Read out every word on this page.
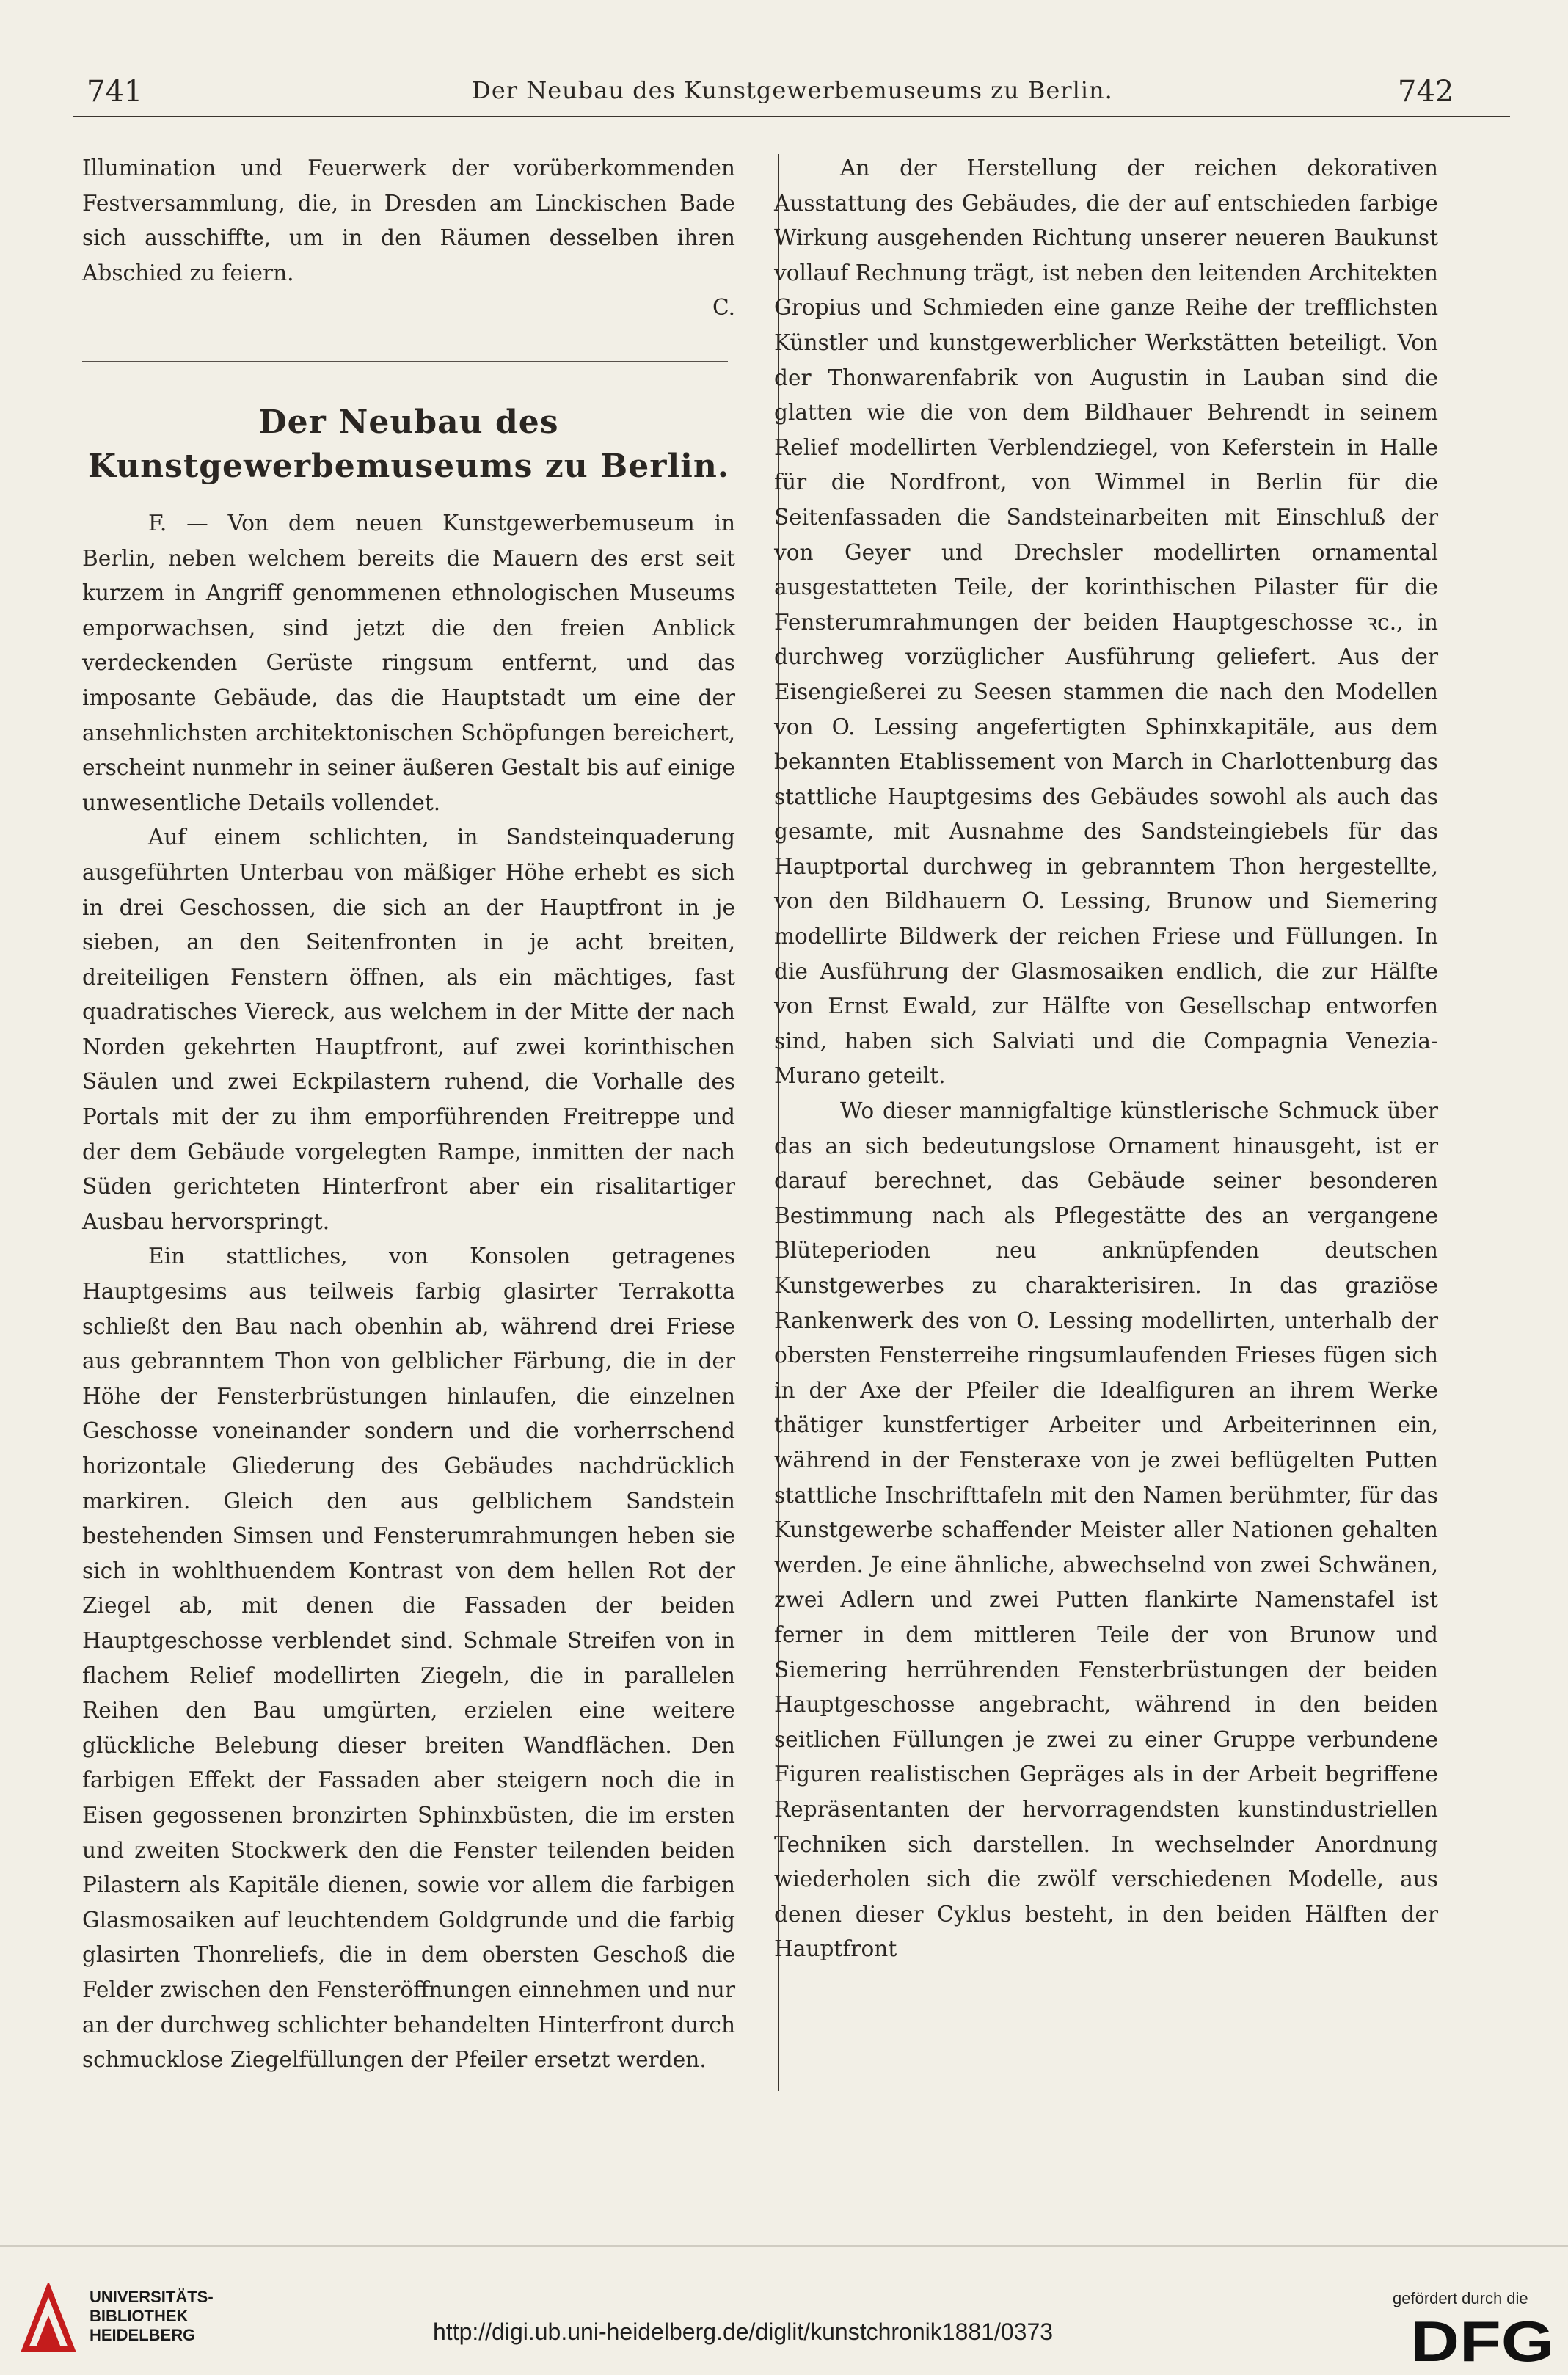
741	Der Neubau des Kunstgewerbemuseums zu Berlin.	742

Illumination und Feuerwerk der vorüberkommenden Festversammlung, die, in Dresden am Linckischen Bade sich ausschiffte, um in den Räumen desselben ihren Abschied zu feiern.

C.

Der Neubau des Kunstgewerbemuseums zu Berlin.

F. — Von dem neuen Kunstgewerbemuseum in Berlin, neben welchem bereits die Mauern des erst seit kurzem in Angriff genommenen ethnologischen Museums emporwachsen, sind jetzt die den freien Anblick verdeckenden Gerüste ringsum entfernt, und das imposante Gebäude, das die Hauptstadt um eine der ansehnlichsten architektonischen Schöpfungen bereichert, erscheint nunmehr in seiner äußeren Gestalt bis auf einige unwesentliche Details vollendet.

Auf einem schlichten, in Sandsteinquaderung ausgeführten Unterbau von mäßiger Höhe erhebt es sich in drei Geschossen, die sich an der Hauptfront in je sieben, an den Seitenfronten in je acht breiten, dreiteiligen Fenstern öffnen, als ein mächtiges, fast quadratisches Viereck, aus welchem in der Mitte der nach Norden gekehrten Hauptfront, auf zwei korinthischen Säulen und zwei Eckpilastern ruhend, die Vorhalle des Portals mit der zu ihm emporführenden Freitreppe und der dem Gebäude vorgelegten Rampe, inmitten der nach Süden gerichteten Hinterfront aber ein risalitartiger Ausbau hervorspringt.

Ein stattliches, von Konsolen getragenes Hauptgesims aus teilweis farbig glasirter Terrakotta schließt den Bau nach obenhin ab, während drei Friese aus gebranntem Thon von gelblicher Färbung, die in der Höhe der Fensterbrüstungen hinlaufen, die einzelnen Geschosse voneinander sondern und die vorherrschend horizontale Gliederung des Gebäudes nachdrücklich markiren. Gleich den aus gelblichem Sandstein bestehenden Simsen und Fensterumrahmungen heben sie sich in wohlthuendem Kontrast von dem hellen Rot der Ziegel ab, mit denen die Fassaden der beiden Hauptgeschosse verblendet sind. Schmale Streifen von in flachem Relief modellirten Ziegeln, die in parallelen Reihen den Bau umgürten, erzielen eine weitere glückliche Belebung dieser breiten Wandflächen. Den farbigen Effekt der Fassaden aber steigern noch die in Eisen gegossenen bronzirten Sphinxbüsten, die im ersten und zweiten Stockwerk den die Fenster teilenden beiden Pilastern als Kapitäle dienen, sowie vor allem die farbigen Glasmosaiken auf leuchtendem Goldgrunde und die farbig glasirten Thonreliefs, die in dem obersten Geschoß die Felder zwischen den Fensteröffnungen einnehmen und nur an der durchweg schlichter behandelten Hinterfront durch schmucklose Ziegelfüllungen der Pfeiler ersetzt werden.

An der Herstellung der reichen dekorativen Ausstattung des Gebäudes, die der auf entschieden farbige Wirkung ausgehenden Richtung unserer neueren Baukunst vollauf Rechnung trägt, ist neben den leitenden Architekten Gropius und Schmieden eine ganze Reihe der trefflichsten Künstler und kunstgewerblicher Werkstätten beteiligt. Von der Thonwarenfabrik von Augustin in Lauban sind die glatten wie die von dem Bildhauer Behrendt in seinem Relief modellirten Verblendziegel, von Keferstein in Halle für die Nordfront, von Wimmel in Berlin für die Seitenfassaden die Sandsteinarbeiten mit Einschluß der von Geyer und Drechsler modellirten ornamental ausgestatteten Teile, der korinthischen Pilaster für die Fensterumrahmungen der beiden Hauptgeschosse ꝛc., in durchweg vorzüglicher Ausführung geliefert. Aus der Eisengießerei zu Seesen stammen die nach den Modellen von O. Lessing angefertigten Sphinxkapitäle, aus dem bekannten Etablissement von March in Charlottenburg das stattliche Hauptgesims des Gebäudes sowohl als auch das gesamte, mit Ausnahme des Sandsteingiebels für das Hauptportal durchweg in gebranntem Thon hergestellte, von den Bildhauern O. Lessing, Brunow und Siemering modellirte Bildwerk der reichen Friese und Füllungen. In die Ausführung der Glasmosaiken endlich, die zur Hälfte von Ernst Ewald, zur Hälfte von Gesellschap entworfen sind, haben sich Salviati und die Compagnia Venezia-Murano geteilt.

Wo dieser mannigfaltige künstlerische Schmuck über das an sich bedeutungslose Ornament hinausgeht, ist er darauf berechnet, das Gebäude seiner besonderen Bestimmung nach als Pflegestätte des an vergangene Blüteperioden neu anknüpfenden deutschen Kunstgewerbes zu charakterisiren. In das graziöse Rankenwerk des von O. Lessing modellirten, unterhalb der obersten Fensterreihe ringsumlaufenden Frieses fügen sich in der Axe der Pfeiler die Idealfiguren an ihrem Werke thätiger kunstfertiger Arbeiter und Arbeiterinnen ein, während in der Fensteraxe von je zwei beflügelten Putten stattliche Inschrifttafeln mit den Namen berühmter, für das Kunstgewerbe schaffender Meister aller Nationen gehalten werden. Je eine ähnliche, abwechselnd von zwei Schwänen, zwei Adlern und zwei Putten flankirte Namenstafel ist ferner in dem mittleren Teile der von Brunow und Siemering herrührenden Fensterbrüstungen der beiden Hauptgeschosse angebracht, während in den beiden seitlichen Füllungen je zwei zu einer Gruppe verbundene Figuren realistischen Gepräges als in der Arbeit begriffene Repräsentanten der hervorragendsten kunstindustriellen Techniken sich darstellen. In wechselnder Anordnung wiederholen sich die zwölf verschiedenen Modelle, aus denen dieser Cyklus besteht, in den beiden Hälften der Hauptfront

UNIVERSITÄTS-
BIBLIOTHEK
HEIDELBERG	http://digi.ub.uni-heidelberg.de/diglit/kunstchronik1881/0373
gefördert durch die
DFG
